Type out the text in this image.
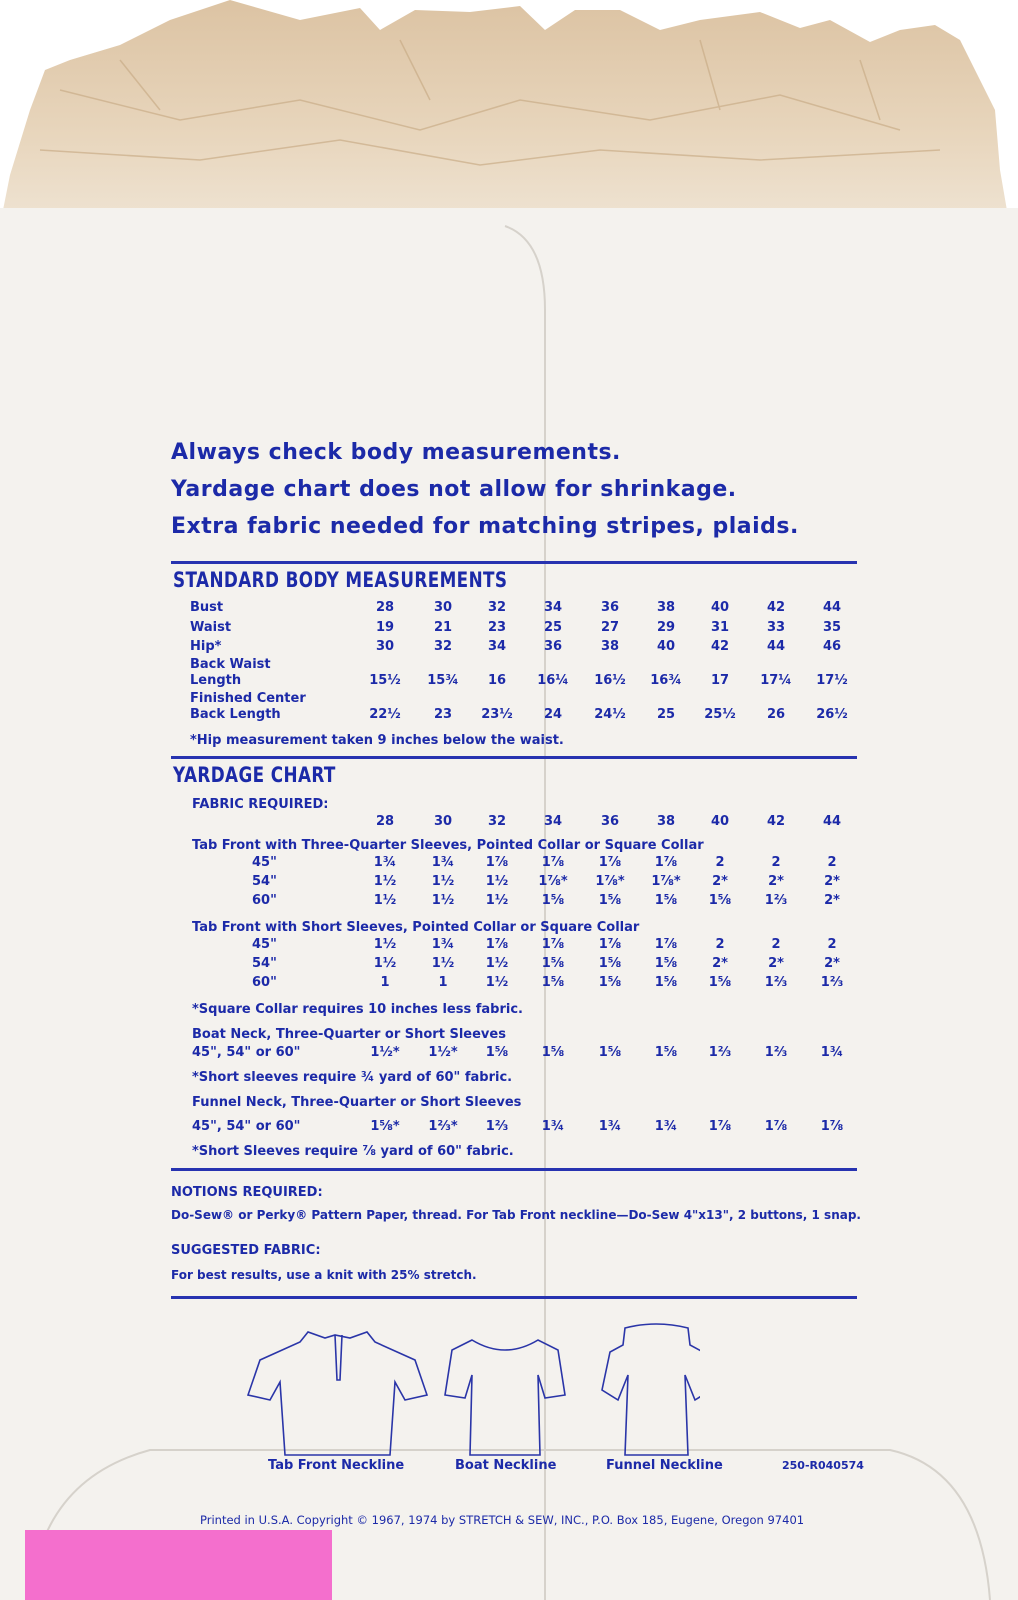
Always check body measurements.
Yardage chart does not allow for shrinkage.
Extra fabric needed for matching stripes, plaids.
STANDARD BODY MEASUREMENTS
Bust	28	30	32	34	36	38	40	42	44
Waist	19	21	23	25	27	29	31	33	35
Hip*	30	32	34	36	38	40	42	44	46
Back Waist
Length	15½	15¾	16	16¼	16½	16¾	17	17¼	17½
Finished Center
Back Length	22½	23	23½	24	24½	25	25½	26	26½
*Hip measurement taken 9 inches below the waist.
YARDAGE CHART
FABRIC REQUIRED:
28	30	32	34	36	38	40	42	44
Tab Front with Three-Quarter Sleeves, Pointed Collar or Square Collar
45"	1¾	1¾	1⅞	1⅞	1⅞	1⅞	2	2	2
54"	1½	1½	1½	1⅞*	1⅞*	1⅞*	2*	2*	2*
60"	1½	1½	1½	1⅝	1⅝	1⅝	1⅝	1⅔	2*
Tab Front with Short Sleeves, Pointed Collar or Square Collar
45"	1½	1¾	1⅞	1⅞	1⅞	1⅞	2	2	2
54"	1½	1½	1½	1⅝	1⅝	1⅝	2*	2*	2*
60"	1	1	1½	1⅝	1⅝	1⅝	1⅝	1⅔	1⅔
*Square Collar requires 10 inches less fabric.
Boat Neck, Three-Quarter or Short Sleeves
45", 54" or 60"	1½*	1½*	1⅝	1⅝	1⅝	1⅝	1⅔	1⅔	1¾
*Short sleeves require ¾ yard of 60" fabric.
Funnel Neck, Three-Quarter or Short Sleeves
45", 54" or 60"	1⅝*	1⅔*	1⅔	1¾	1¾	1¾	1⅞	1⅞	1⅞
*Short Sleeves require ⅞ yard of 60" fabric.
NOTIONS REQUIRED:
Do-Sew® or Perky® Pattern Paper, thread. For Tab Front neckline—Do-Sew 4"x13", 2 buttons, 1 snap.
SUGGESTED FABRIC:
For best results, use a knit with 25% stretch.
Tab Front Neckline	Boat Neckline	Funnel Neckline	250-R040574
Printed in U.S.A. Copyright © 1967, 1974 by STRETCH & SEW, INC., P.O. Box 185, Eugene, Oregon 97401
